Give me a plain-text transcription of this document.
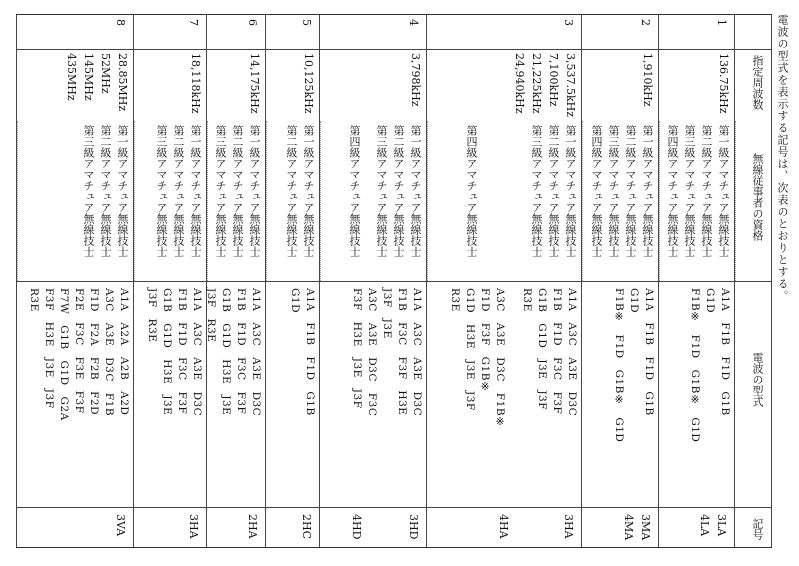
電波の型式を表示する記号は、次表のとおりとする。
指定周波数
無線従事者の資格
電波の型式
記号
1
136.75kHz
第一級アマチュア無線技士
第二級アマチュア無線技士
第三級アマチュア無線技士
第四級アマチュア無線技士
A1A　F1B　F1D　G1B
G1D
F1B※　F1D　G1B※　G1D
3LA
4LA
2
1,910kHz
第一級アマチュア無線技士
第二級アマチュア無線技士
第三級アマチュア無線技士
第四級アマチュア無線技士
A1A　F1B　F1D　G1B
G1D
F1B※　F1D　G1B※　G1D
3MA
4MA
3
3,537.5kHz
7,100kHz
21,225kHz
24,940kHz
第一級アマチュア無線技士
第二級アマチュア無線技士
第三級アマチュア無線技士
第四級アマチュア無線技士
A1A　A3C　A3E　D3C
F1B　F1D　F3C　F3F
G1B　G1D　J3E　J3F
R3E
A3C　A3E　D3C　F1B※
F1D　F3F　G1B※
G1D　H3E　J3E　J3F
R3E
3HA
4HA
4
3,798kHz
第一級アマチュア無線技士
第二級アマチュア無線技士
第三級アマチュア無線技士
第四級アマチュア無線技士
A1A　A3C　A3E　D3C
F1B　F3C　F3F　H3E
J3F　J3E
A3C　A3E　D3C　F3C
F3F　H3E　J3E　J3F
3HD
4HD
5
10,125kHz
第一級アマチュア無線技士
第二級アマチュア無線技士
A1A　F1B　F1D　G1B
G1D
2HC
6
14,175kHz
第一級アマチュア無線技士
第二級アマチュア無線技士
第三級アマチュア無線技士
A1A　A3C　A3E　D3C
F1B　F1D　F3C　F3F
G1B　G1D　H3E　J3E
J3F　R3E
2HA
7
18,118kHz
第一級アマチュア無線技士
第二級アマチュア無線技士
第三級アマチュア無線技士
A1A　A3C　A3E　D3C
F1B　F1D　F3C　F3F
G1B　G1D　H3E　J3E
J3F　R3E
3HA
8
28.85MHz
52MHz
145MHz
435MHz
第一級アマチュア無線技士
第二級アマチュア無線技士
第三級アマチュア無線技士
A1A　A2A　A2B　A2D
A3C　A3E　D3C　F1B
F1D　F2A　F2B　F2D
F2E　F3C　F3E　F3F
F7W　G1B　G1D　G2A
F3F　H3E　J3E　J3F
R3E
3VA
